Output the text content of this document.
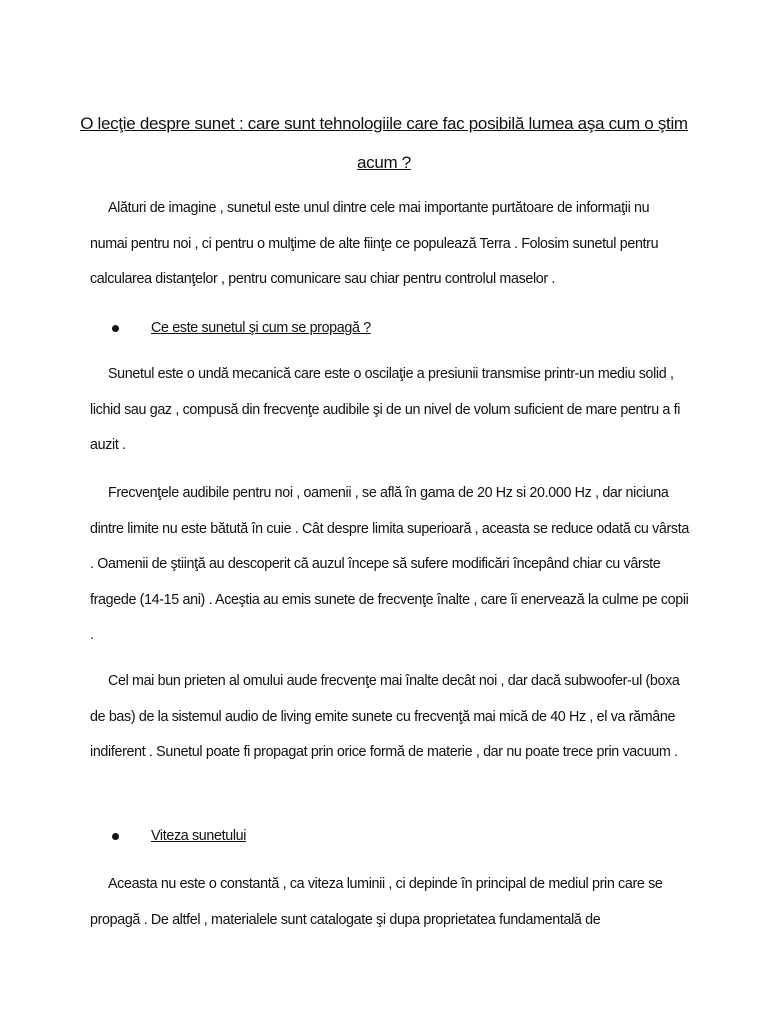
O lecţie despre sunet : care sunt tehnologiile care fac posibilă lumea aşa cum o ştim acum ?

Alături de imagine , sunetul este unul dintre cele mai importante purtătoare de informaţii nu numai pentru noi , ci pentru o mulţime de alte fiinţe ce populează Terra . Folosim sunetul pentru calcularea distanţelor , pentru comunicare sau chiar pentru controlul maselor .

Ce este sunetul şi cum se propagă ?

Sunetul este o undă mecanică care este o oscilaţie a presiunii transmise printr-un mediu solid , lichid sau gaz , compusă din frecvenţe audibile şi de un nivel de volum suficient de mare pentru a fi auzit .

Frecvenţele audibile pentru noi , oamenii , se află în gama de 20 Hz si 20.000 Hz , dar niciuna dintre limite nu este bătută în cuie . Cât despre limita superioară , aceasta se reduce odată cu vârsta . Oamenii de ştiinţă au descoperit că auzul începe să sufere modificări începând chiar cu vârste fragede (14-15 ani) . Aceştia au emis sunete de frecvenţe înalte , care îi enervează la culme pe copii .

Cel mai bun prieten al omului aude frecvenţe mai înalte decât noi , dar dacă subwoofer-ul (boxa de bas) de la sistemul audio de living emite sunete cu frecvenţă mai mică de 40 Hz , el va rămâne indiferent . Sunetul poate fi propagat prin orice formă de materie , dar nu poate trece prin vacuum .

Viteza sunetului

Aceasta nu este o constantă , ca viteza luminii , ci depinde în principal de mediul prin care se propagă . De altfel , materialele sunt catalogate şi dupa proprietatea fundamentală de
